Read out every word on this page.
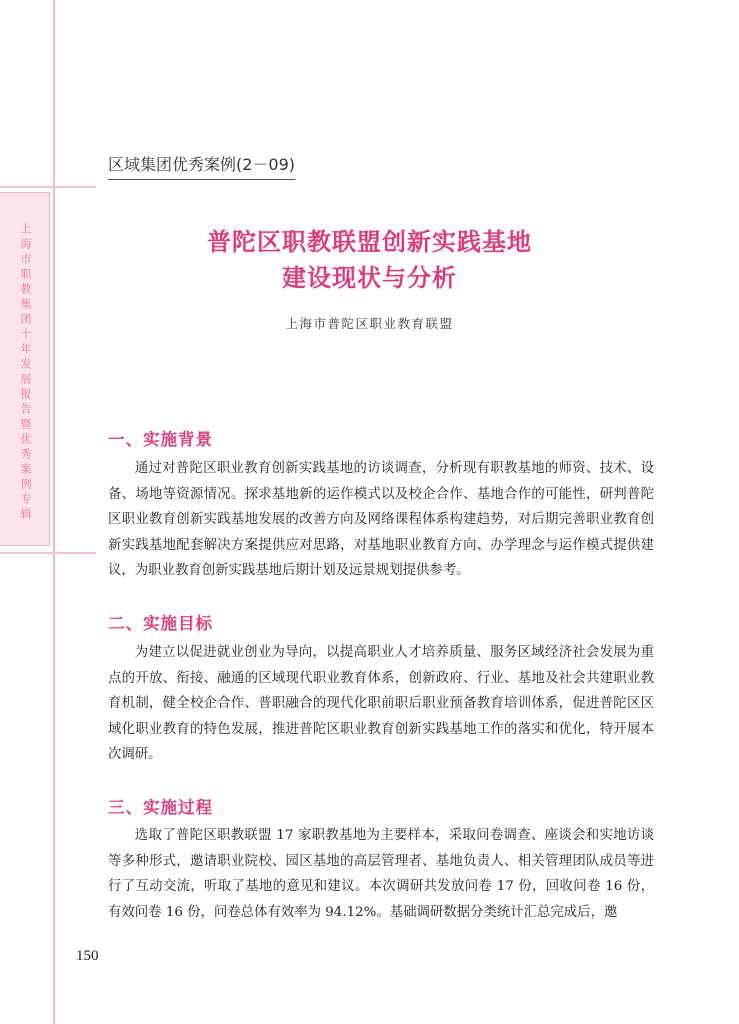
上海市职教集团十年发展报告暨优秀案例专辑
区域集团优秀案例(2－09)
普陀区职教联盟创新实践基地
建设现状与分析
上海市普陀区职业教育联盟
一、实施背景

通过对普陀区职业教育创新实践基地的访谈调查，分析现有职教基地的师资、技术、设备、场地等资源情况。探求基地新的运作模式以及校企合作、基地合作的可能性，研判普陀区职业教育创新实践基地发展的改善方向及网络课程体系构建趋势，对后期完善职业教育创新实践基地配套解决方案提供应对思路，对基地职业教育方向、办学理念与运作模式提供建议，为职业教育创新实践基地后期计划及远景规划提供参考。

二、实施目标

为建立以促进就业创业为导向，以提高职业人才培养质量、服务区域经济社会发展为重点的开放、衔接、融通的区域现代职业教育体系，创新政府、行业、基地及社会共建职业教育机制，健全校企合作、普职融合的现代化职前职后职业预备教育培训体系，促进普陀区区域化职业教育的特色发展，推进普陀区职业教育创新实践基地工作的落实和优化，特开展本次调研。

三、实施过程

选取了普陀区职教联盟 17 家职教基地为主要样本，采取问卷调查、座谈会和实地访谈等多种形式，邀请职业院校、园区基地的高层管理者、基地负责人、相关管理团队成员等进行了互动交流，听取了基地的意见和建议。本次调研共发放问卷 17 份，回收问卷 16 份，有效问卷 16 份，问卷总体有效率为 94.12%。基础调研数据分类统计汇总完成后，邀

150
